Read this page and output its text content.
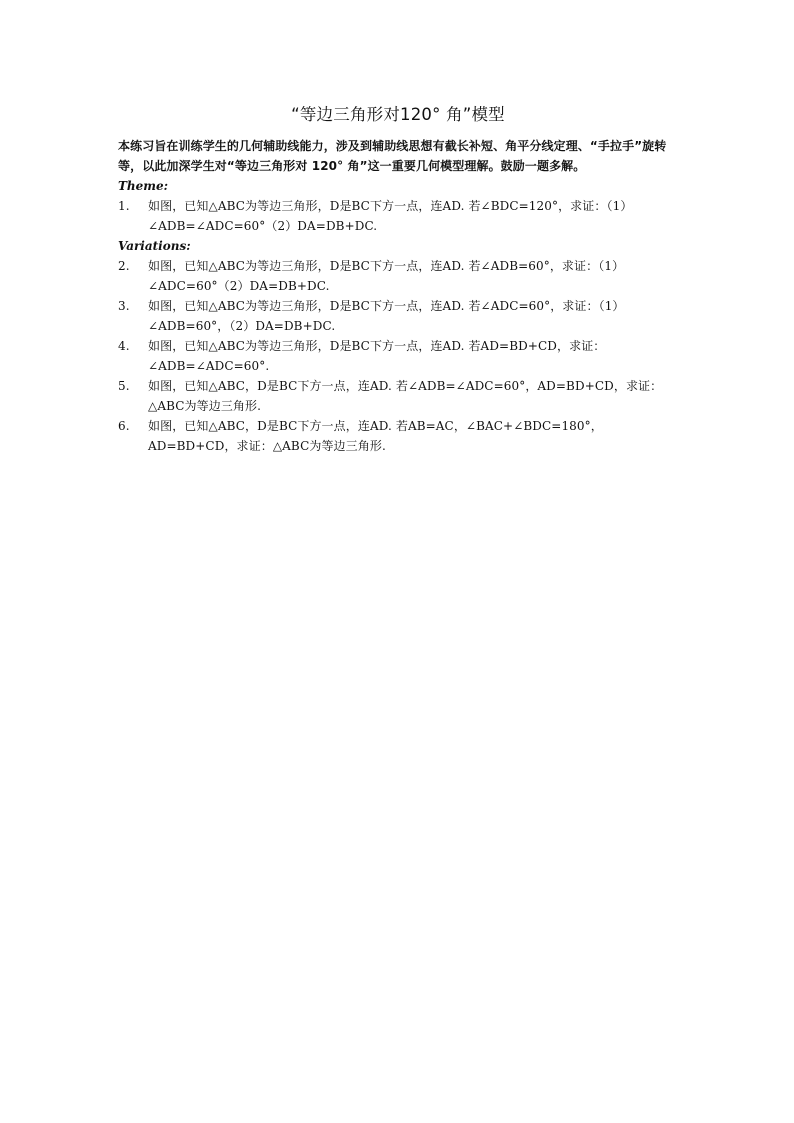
“等边三角形对120° 角”模型

本练习旨在训练学生的几何辅助线能力，涉及到辅助线思想有截长补短、角平分线定理、“手拉手”旋转等，以此加深学生对“等边三角形对 120° 角”这一重要几何模型理解。鼓励一题多解。

Theme:

1.	如图，已知△ABC为等边三角形，D是BC下方一点，连AD. 若∠BDC=120°，求证：（1）∠ADB=∠ADC=60°（2）DA=DB+DC.

Variations:

2.	如图，已知△ABC为等边三角形，D是BC下方一点，连AD. 若∠ADB=60°，求证：（1）∠ADC=60°（2）DA=DB+DC.
3.	如图，已知△ABC为等边三角形，D是BC下方一点，连AD. 若∠ADC=60°，求证：（1）∠ADB=60°，（2）DA=DB+DC.
4.	如图，已知△ABC为等边三角形，D是BC下方一点，连AD. 若AD=BD+CD，求证：∠ADB=∠ADC=60°.
5.	如图，已知△ABC，D是BC下方一点，连AD. 若∠ADB=∠ADC=60°，AD=BD+CD，求证：△ABC为等边三角形.
6.	如图，已知△ABC，D是BC下方一点，连AD. 若AB=AC，∠BAC+∠BDC=180°，AD=BD+CD，求证：△ABC为等边三角形.
